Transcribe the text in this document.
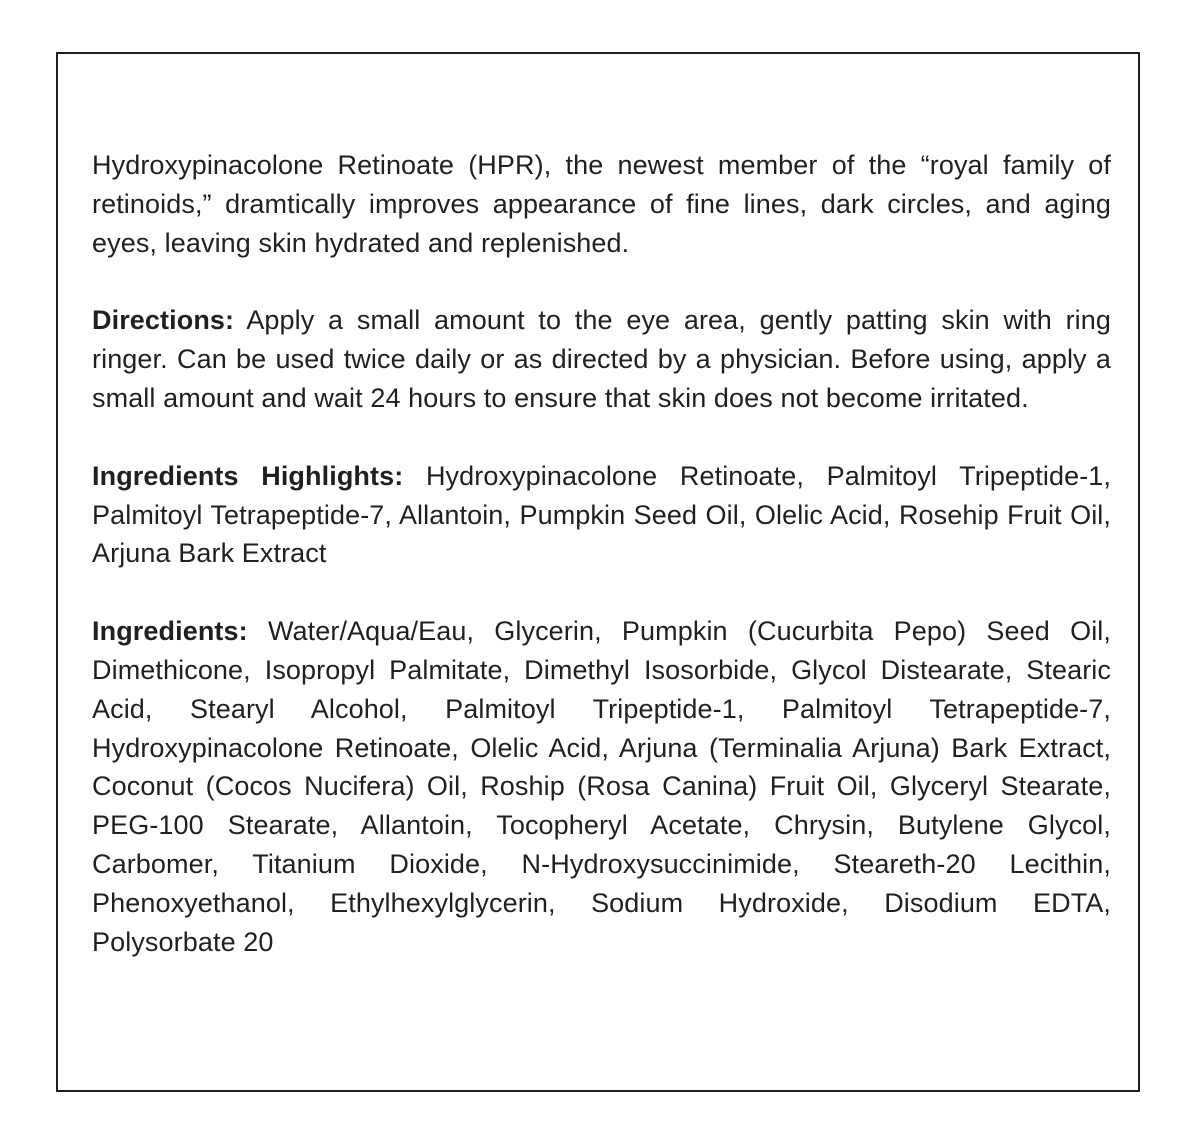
Hydroxypinacolone Retinoate (HPR), the newest member of the “royal family of retinoids,” dramtically improves appearance of fine lines, dark circles, and aging eyes, leaving skin hydrated and replenished.

Directions: Apply a small amount to the eye area, gently patting skin with ring ringer. Can be used twice daily or as directed by a physician. Before using, apply a small amount and wait 24 hours to ensure that skin does not become irritated.

Ingredients Highlights: Hydroxypinacolone Retinoate, Palmitoyl Tripeptide-1, Palmitoyl Tetrapeptide-7, Allantoin, Pumpkin Seed Oil, Olelic Acid, Rosehip Fruit Oil, Arjuna Bark Extract

Ingredients: Water/Aqua/Eau, Glycerin, Pumpkin (Cucurbita Pepo) Seed Oil, Dimethicone, Isopropyl Palmitate, Dimethyl Isosorbide, Glycol Distearate, Stearic Acid, Stearyl Alcohol, Palmitoyl Tripeptide-1, Palmitoyl Tetrapeptide-7, Hydroxypinacolone Retinoate, Olelic Acid, Arjuna (Terminalia Arjuna) Bark Extract, Coconut (Cocos Nucifera) Oil, Roship (Rosa Canina) Fruit Oil, Glyceryl Stearate, PEG-100 Stearate, Allantoin, Tocopheryl Acetate, Chrysin, Butylene Glycol, Carbomer, Titanium Dioxide, N-Hydroxysuccinimide, Steareth-20 Lecithin, Phenoxyethanol, Ethylhexylglycerin, Sodium Hydroxide, Disodium EDTA, Polysorbate 20
